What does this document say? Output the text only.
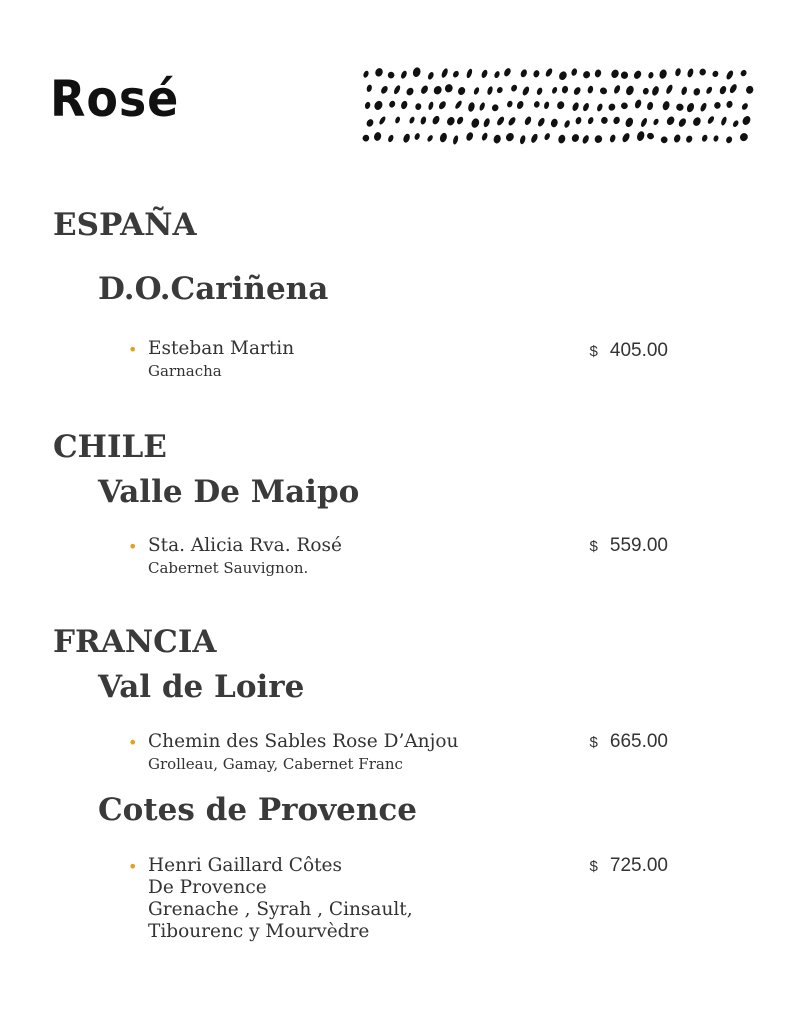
Rosé
ESPAÑA
D.O.Cariñena
• Esteban Martin
Garnacha
$ 405.00
CHILE
Valle De Maipo
• Sta. Alicia Rva. Rosé
Cabernet Sauvignon.
$ 559.00
FRANCIA
Val de Loire
• Chemin des Sables Rose D’Anjou
Grolleau, Gamay, Cabernet Franc
$ 665.00
Cotes de Provence
• Henri Gaillard Côtes
De Provence
Grenache , Syrah , Cinsault,
Tibourenc y Mourvèdre
$ 725.00
